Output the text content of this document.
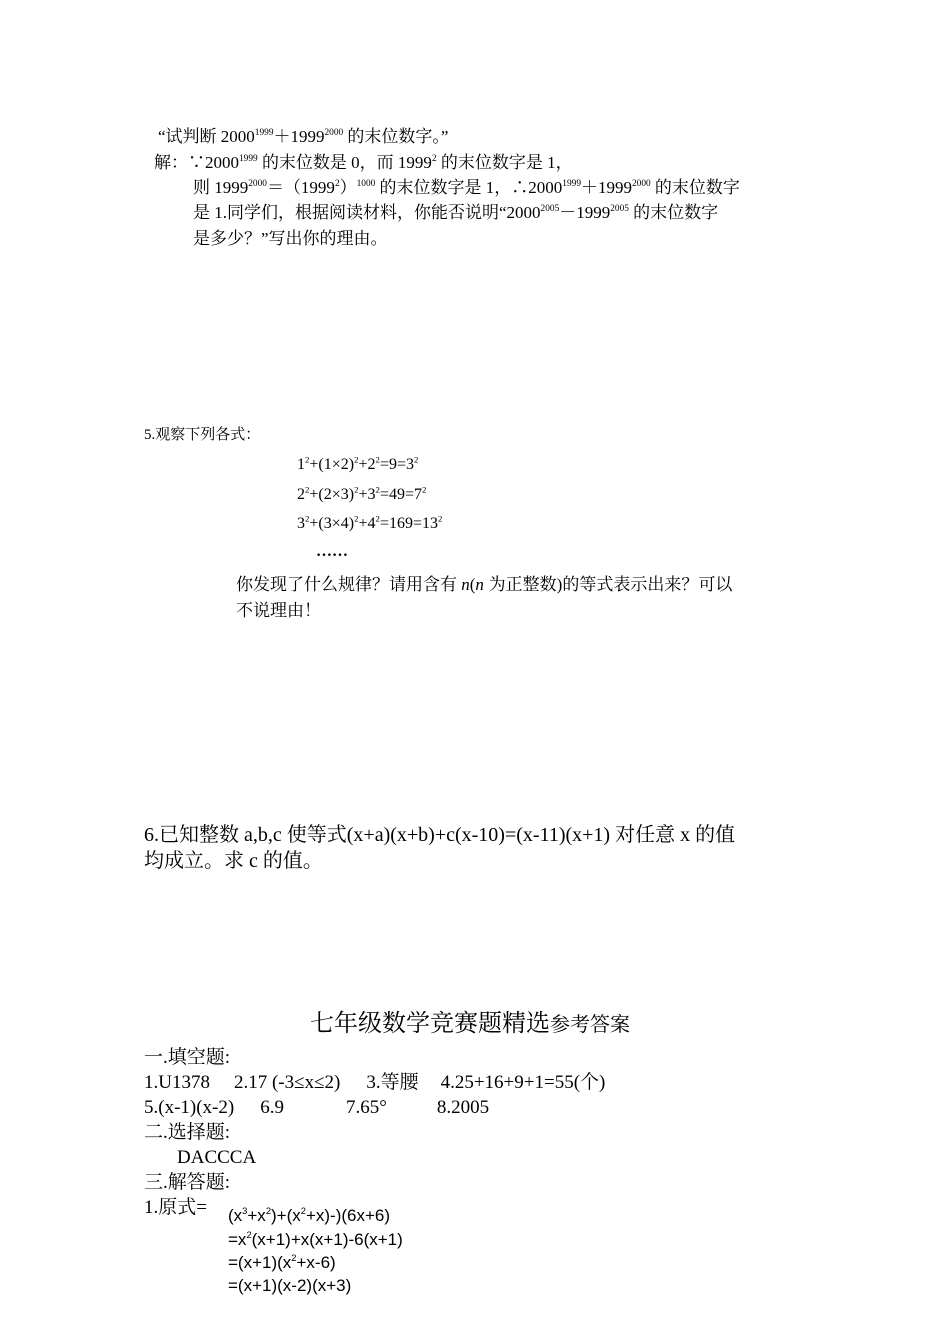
“试判断 $2000^{1999}+1999^{2000}$ 的末位数字。”
解：$\because 2000^{1999}$ 的末位数是 0，而 1999$^2$ 的末位数字是 1，
则 $1999^{2000}=(1999^2)^{1000}$ 的末位数字是 1，$\therefore 2000^{1999}+1999^{2000}$ 的末位数字
是 1.同学们，根据阅读材料，你能否说明“$2000^{2005}-1999^{2005}$ 的末位数字
是多少？”写出你的理由。
5.观察下列各式：
$1^2+(1\times 2)^2+2^2=9=3^2$
$2^2+(2\times 3)^2+3^2=49=7^2$
$3^2+(3\times 4)^2+4^2=169=13^2$
……
你发现了什么规律？请用含有 n(n 为正整数)的等式表示出来？可以
不说理由！
6.已知整数 a,b,c 使等式(x+a)(x+b)+c(x-10)=(x-11)(x+1) 对任意 x 的值
均成立。求 c 的值。
七年级数学竞赛题精选参考答案
一.填空题:
1.U1378 2.17 (-3≤x≤2) 3.等腰 4.25+16+9+1=55(个)
5.(x-1)(x-2) 6.9	7.65°	8.2005
二.选择题:
DACCCA
三.解答题:
1.原式= $(x^3+x^2)+(x^2+x)-)(6x+6)$
$=x^2(x+1)+x(x+1)-6(x+1)$
$=(x+1)(x^2+x-6)$
=(x+1)(x-2)(x+3)
